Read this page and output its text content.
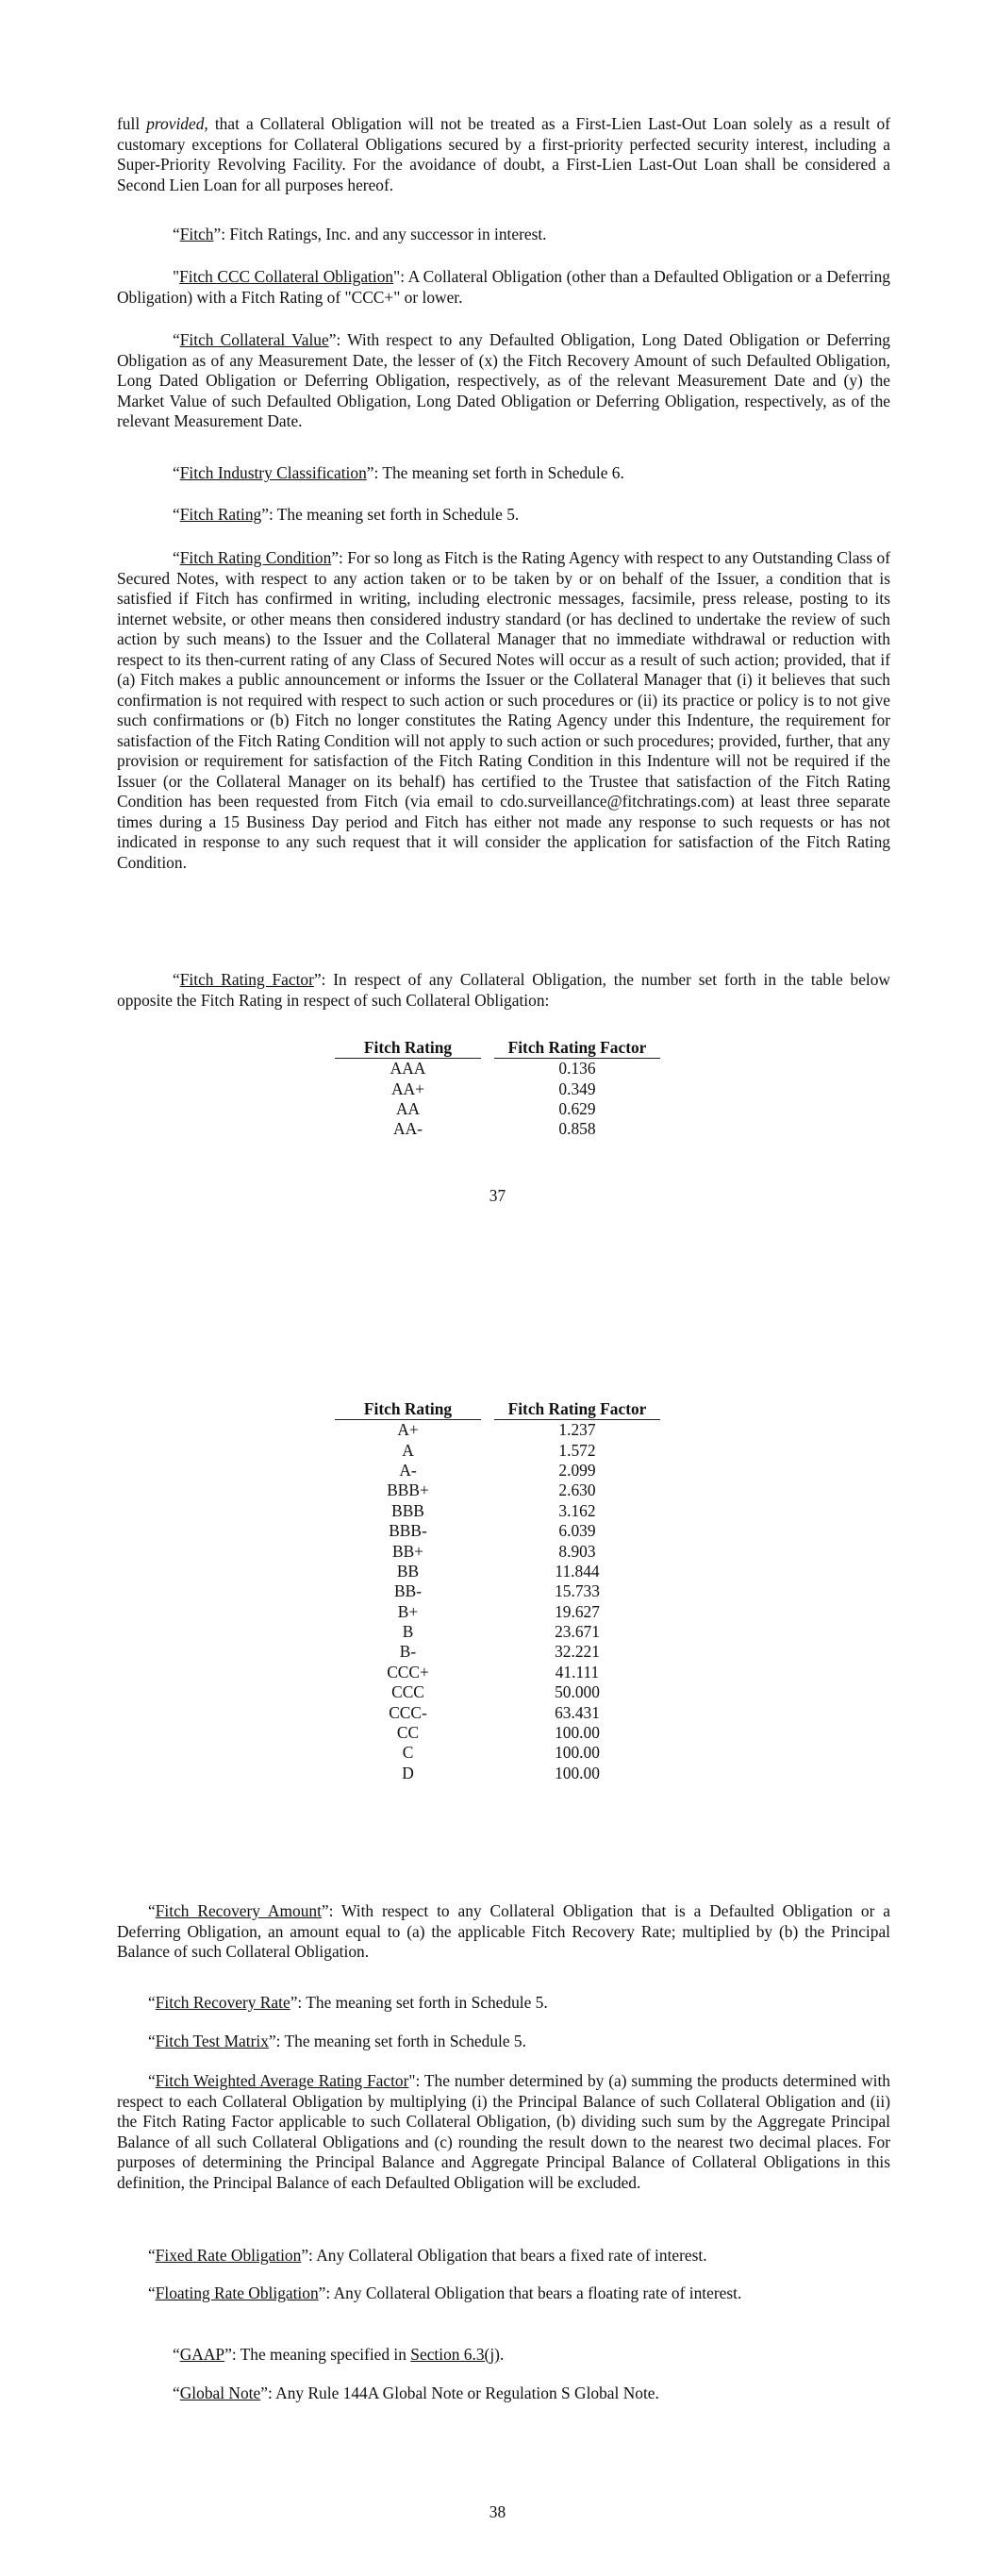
full provided, that a Collateral Obligation will not be treated as a First-Lien Last-Out Loan solely as a result of customary exceptions for Collateral Obligations secured by a first-priority perfected security interest, including a Super-Priority Revolving Facility. For the avoidance of doubt, a First-Lien Last-Out Loan shall be considered a Second Lien Loan for all purposes hereof.

“Fitch”: Fitch Ratings, Inc. and any successor in interest.

"Fitch CCC Collateral Obligation": A Collateral Obligation (other than a Defaulted Obligation or a Deferring Obligation) with a Fitch Rating of "CCC+" or lower.

“Fitch Collateral Value”: With respect to any Defaulted Obligation, Long Dated Obligation or Deferring Obligation as of any Measurement Date, the lesser of (x) the Fitch Recovery Amount of such Defaulted Obligation, Long Dated Obligation or Deferring Obligation, respectively, as of the relevant Measurement Date and (y) the Market Value of such Defaulted Obligation, Long Dated Obligation or Deferring Obligation, respectively, as of the relevant Measurement Date.

“Fitch Industry Classification”: The meaning set forth in Schedule 6.

“Fitch Rating”: The meaning set forth in Schedule 5.

“Fitch Rating Condition”: For so long as Fitch is the Rating Agency with respect to any Outstanding Class of Secured Notes, with respect to any action taken or to be taken by or on behalf of the Issuer, a condition that is satisfied if Fitch has confirmed in writing, including electronic messages, facsimile, press release, posting to its internet website, or other means then considered industry standard (or has declined to undertake the review of such action by such means) to the Issuer and the Collateral Manager that no immediate withdrawal or reduction with respect to its then-current rating of any Class of Secured Notes will occur as a result of such action; provided, that if (a) Fitch makes a public announcement or informs the Issuer or the Collateral Manager that (i) it believes that such confirmation is not required with respect to such action or such procedures or (ii) its practice or policy is to not give such confirmations or (b) Fitch no longer constitutes the Rating Agency under this Indenture, the requirement for satisfaction of the Fitch Rating Condition will not apply to such action or such procedures; provided, further, that any provision or requirement for satisfaction of the Fitch Rating Condition in this Indenture will not be required if the Issuer (or the Collateral Manager on its behalf) has certified to the Trustee that satisfaction of the Fitch Rating Condition has been requested from Fitch (via email to cdo.surveillance@fitchratings.com) at least three separate times during a 15 Business Day period and Fitch has either not made any response to such requests or has not indicated in response to any such request that it will consider the application for satisfaction of the Fitch Rating Condition.

“Fitch Rating Factor”: In respect of any Collateral Obligation, the number set forth in the table below opposite the Fitch Rating in respect of such Collateral Obligation:

Fitch Rating		Fitch Rating Factor
AAA		0.136
AA+		0.349
AA		0.629
AA-		0.858
37
Fitch Rating		Fitch Rating Factor
A+		1.237
A		1.572
A-		2.099
BBB+		2.630
BBB		3.162
BBB-		6.039
BB+		8.903
BB		11.844
BB-		15.733
B+		19.627
B		23.671
B-		32.221
CCC+		41.111
CCC		50.000
CCC-		63.431
CC		100.00
C		100.00
D		100.00

“Fitch Recovery Amount”: With respect to any Collateral Obligation that is a Defaulted Obligation or a Deferring Obligation, an amount equal to (a) the applicable Fitch Recovery Rate; multiplied by (b) the Principal Balance of such Collateral Obligation.

“Fitch Recovery Rate”: The meaning set forth in Schedule 5.

“Fitch Test Matrix”: The meaning set forth in Schedule 5.

“Fitch Weighted Average Rating Factor": The number determined by (a) summing the products determined with respect to each Collateral Obligation by multiplying (i) the Principal Balance of such Collateral Obligation and (ii) the Fitch Rating Factor applicable to such Collateral Obligation, (b) dividing such sum by the Aggregate Principal Balance of all such Collateral Obligations and (c) rounding the result down to the nearest two decimal places. For purposes of determining the Principal Balance and Aggregate Principal Balance of Collateral Obligations in this definition, the Principal Balance of each Defaulted Obligation will be excluded.

“Fixed Rate Obligation”: Any Collateral Obligation that bears a fixed rate of interest.

“Floating Rate Obligation”: Any Collateral Obligation that bears a floating rate of interest.

“GAAP”: The meaning specified in Section 6.3(j).

“Global Note”: Any Rule 144A Global Note or Regulation S Global Note.

38
